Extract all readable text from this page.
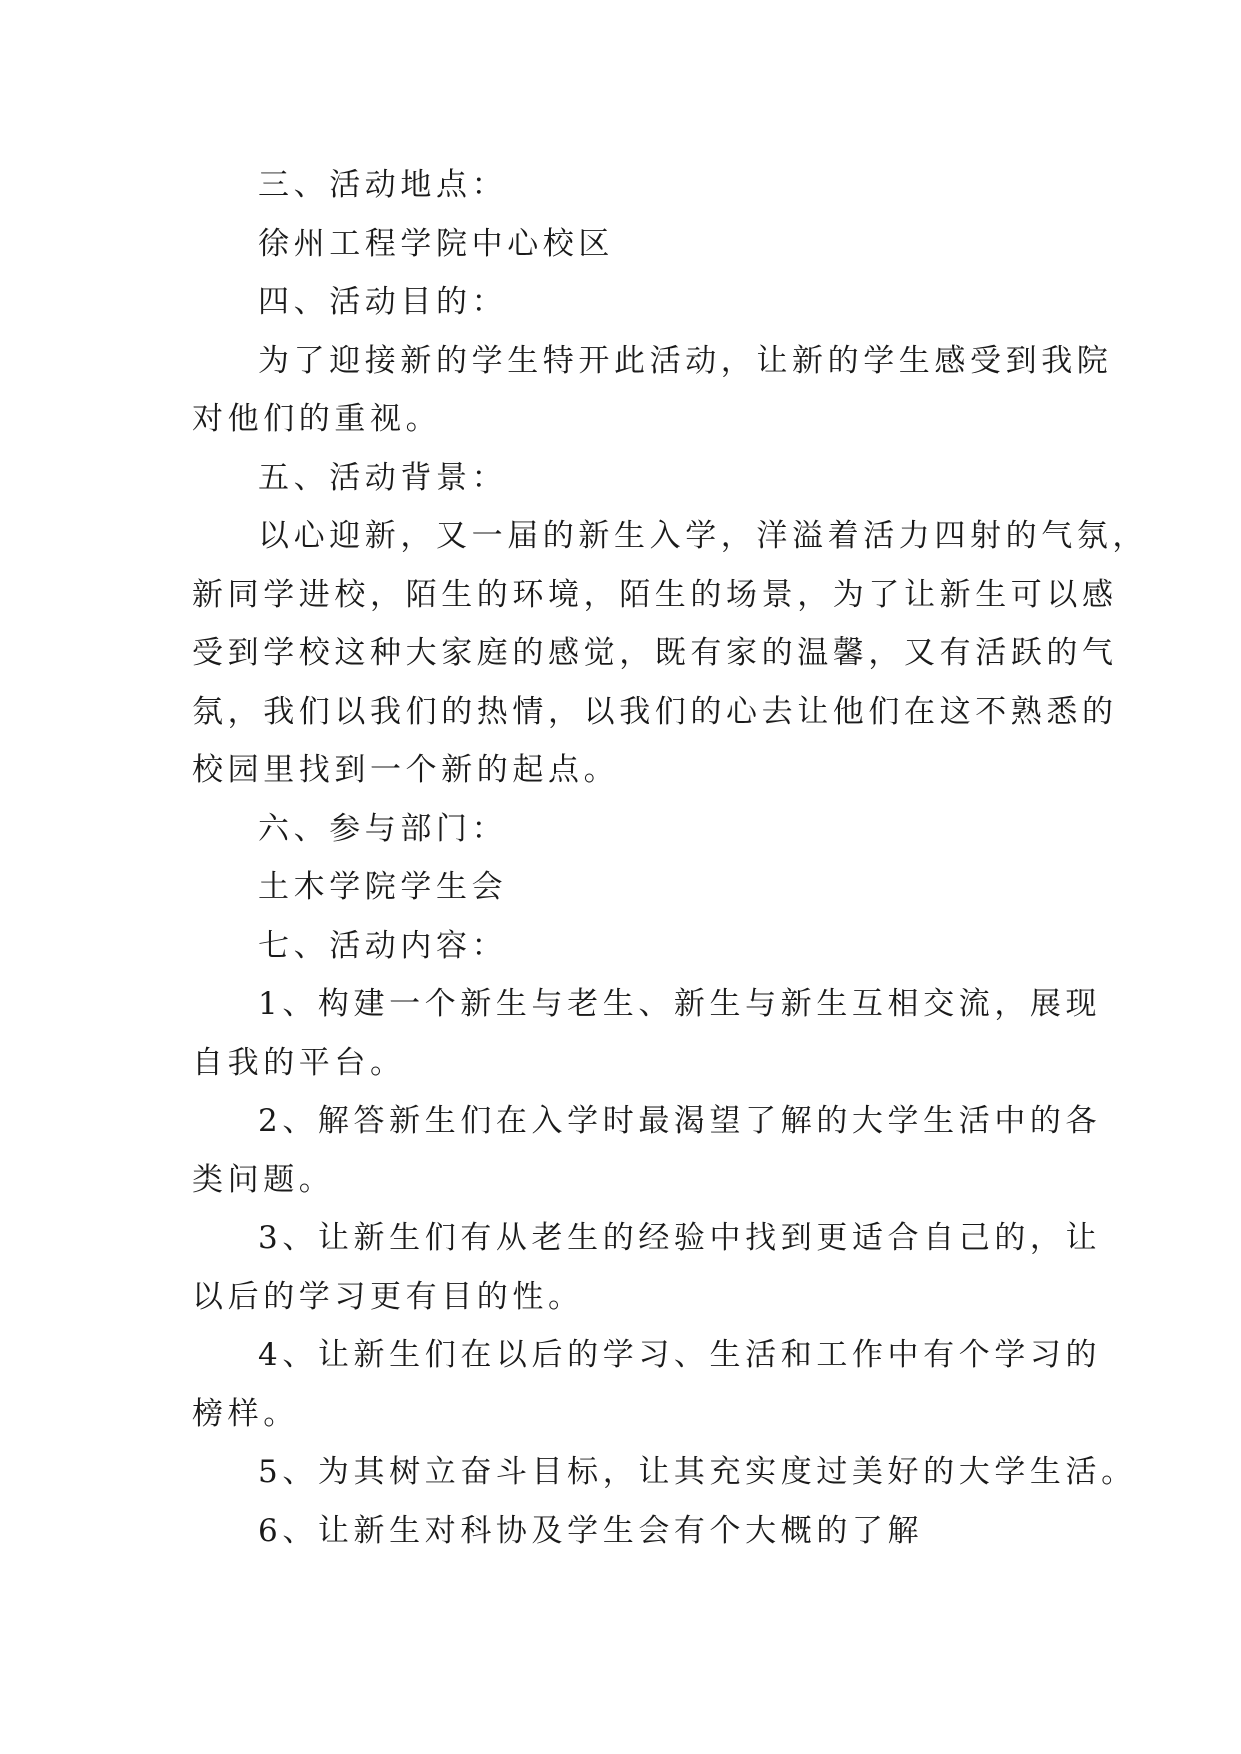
三、活动地点：
徐州工程学院中心校区
四、活动目的：
为了迎接新的学生特开此活动，让新的学生感受到我院
对他们的重视。
五、活动背景：
以心迎新，又一届的新生入学，洋溢着活力四射的气氛，
新同学进校，陌生的环境，陌生的场景，为了让新生可以感
受到学校这种大家庭的感觉，既有家的温馨，又有活跃的气
氛，我们以我们的热情，以我们的心去让他们在这不熟悉的
校园里找到一个新的起点。
六、参与部门：
土木学院学生会
七、活动内容：
1、构建一个新生与老生、新生与新生互相交流，展现
自我的平台。
2、解答新生们在入学时最渴望了解的大学生活中的各
类问题。
3、让新生们有从老生的经验中找到更适合自己的，让
以后的学习更有目的性。
4、让新生们在以后的学习、生活和工作中有个学习的
榜样。
5、为其树立奋斗目标，让其充实度过美好的大学生活。
6、让新生对科协及学生会有个大概的了解
